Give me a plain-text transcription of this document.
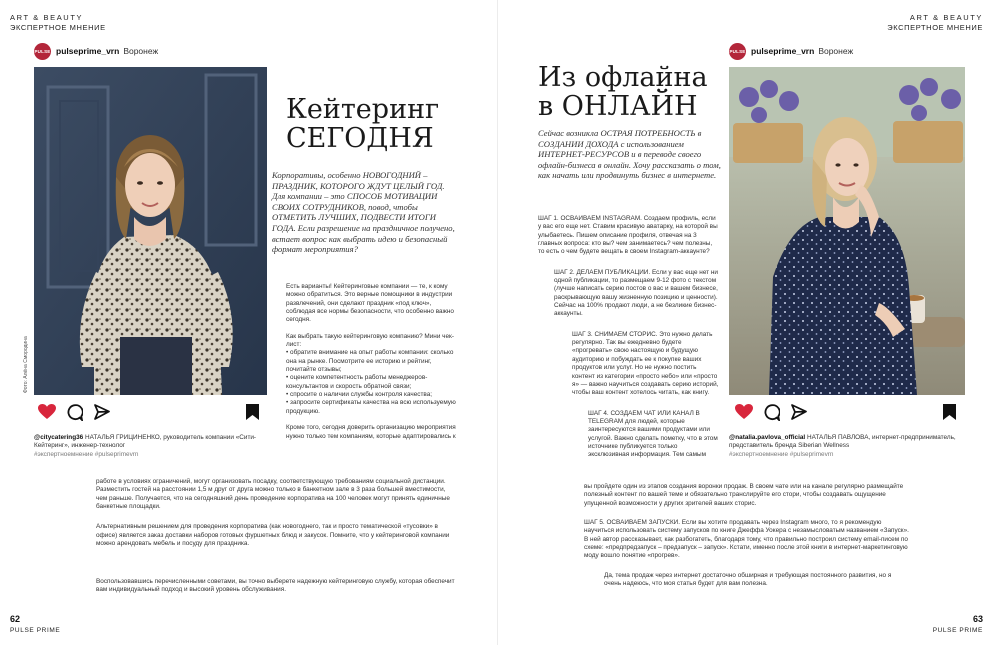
ART & BEAUTY
ЭКСПЕРТНОЕ МНЕНИЕ
PULSE pulseprime_vrn Воронеж
Фото: Алёна Смородина
@citycatering36 НАТАЛЬЯ ГРИЦИНЕНКО, руководитель компании «Сити-Кейтеринг», инженер-технолог
#экспертноемнение #pulseprimevrn
Кейтеринг
СЕГОДНЯ
Корпоративы, особенно НОВОГОДНИЙ – ПРАЗДНИК, КОТОРОГО ЖДУТ ЦЕЛЫЙ ГОД. Для компании – это СПОСОБ МОТИВАЦИИ СВОИХ СОТРУДНИКОВ, повод, чтобы ОТМЕТИТЬ ЛУЧШИХ, ПОДВЕСТИ ИТОГИ ГОДА. Если разрешение на праздничное получено, встает вопрос как выбрать идею и безопасный формат мероприятия?

Есть варианты! Кейтеринговые компании — те, к кому можно обратиться. Это верные помощники в индустрии развлечений, они сделают праздник «под ключ», соблюдая все нормы безопасности, что особенно важно сегодня.

Как выбрать такую кейтеринговую компанию? Мини чек-лист:

• обратите внимание на опыт работы компании: сколько она на рынке. Посмотрите ее историю и рейтинг, почитайте отзывы;
• оцените компетентность работы менеджеров-консультантов и скорость обратной связи;
• спросите о наличии службы контроля качества;
• запросите сертификаты качества на всю используемую продукцию.

Кроме того, сегодня доверить организацию мероприятия нужно только тем компаниям, которые адаптировались к

работе в условиях ограничений, могут организовать посадку, соответствующую требованиям социальной дистанции. Разместить гостей на расстоянии 1,5 м друг от друга можно только в банкетном зале в 3 раза большей вместимости, чем раньше. Получается, что на сегодняшний день проведение корпоратива на 100 человек могут принять единичные банкетные площадки.

Альтернативным решением для проведения корпоратива (как новогоднего, так и просто тематической «тусовки» в офисе) является заказ доставки наборов готовых фуршетных блюд и закусок. Помните, что у кейтеринговой компании можно арендовать мебель и посуду для праздника.

Воспользовавшись перечисленными советами, вы точно выберете надежную кейтеринговую службу, которая обеспечит вам индивидуальный подход и высокий уровень обслуживания.

62
PULSE PRIME
ART & BEAUTY
ЭКСПЕРТНОЕ МНЕНИЕ
PULSE pulseprime_vrn Воронеж
Из офлайна
в ОНЛАЙН
Сейчас возникла ОСТРАЯ ПОТРЕБНОСТЬ в СОЗДАНИИ ДОХОДА с использованием ИНТЕРНЕТ-РЕСУРСОВ и в переводе своего офлайн-бизнеса в онлайн. Хочу рассказать о том, как начать или продвинуть бизнес в интернете.

ШАГ 1. ОСВАИВАЕМ INSTAGRAM. Создаем профиль, если у вас его еще нет. Ставим красивую аватарку, на которой вы улыбаетесь. Пишем описание профиля, отвечая на 3 главных вопроса: кто вы? чем занимаетесь? чем полезны, то есть о чем будете вещать в своем Instagram-аккаунте?

ШАГ 2. ДЕЛАЕМ ПУБЛИКАЦИИ. Если у вас еще нет ни одной публикации, то размещаем 9-12 фото с текстом (лучше написать серию постов о вас и вашем бизнесе, раскрывающую вашу жизненную позицию и ценности). Сейчас на 100% продают люди, а не безликие бизнес-аккаунты.

ШАГ 3. СНИМАЕМ СТОРИС. Это нужно делать регулярно. Так вы ежедневно будете «прогревать» свою настоящую и будущую аудиторию и побуждать ее к покупке ваших продуктов или услуг. Но не нужно постить контент из категории «просто небо» или «просто я» — важно научиться создавать серию историй, чтобы ваш контент хотелось читать, как книгу.

ШАГ 4. СОЗДАЕМ ЧАТ ИЛИ КАНАЛ В TELEGRAM для людей, которые заинтересуются вашими продуктами или услугой. Важно сделать пометку, что в этом источнике публикуется только эксклюзивная информация. Тем самым

вы пройдете один из этапов создания воронки продаж. В своем чате или на канале регулярно размещайте полезный контент по вашей теме и обязательно транслируйте его стори, чтобы создавать ощущение упущенной возможности у других зрителей ваших сторис.

ШАГ 5. ОСВАИВАЕМ ЗАПУСКИ. Если вы хотите продавать через Instagram много, то я рекомендую научиться использовать систему запусков по книге Джеффа Уокера с незамысловатым названием «Запуск». В ней автор рассказывает, как разбогатеть, благодаря тому, что правильно построил систему email-писем по схеме: «предпредзапуск – предзапуск – запуск». Кстати, именно после этой книги в интернет-маркетинговую моду вошло понятие «прогрев».

Да, тема продаж через интернет достаточно обширная и требующая постоянного развития, но я очень надеюсь, что моя статья будет для вам полезна.

@natalia.pavlova_official НАТАЛЬЯ ПАВЛОВА, интернет-предприниматель, представитель бренда Siberian Wellness
#экспертноемнение #pulseprimevrn
63
PULSE PRIME
